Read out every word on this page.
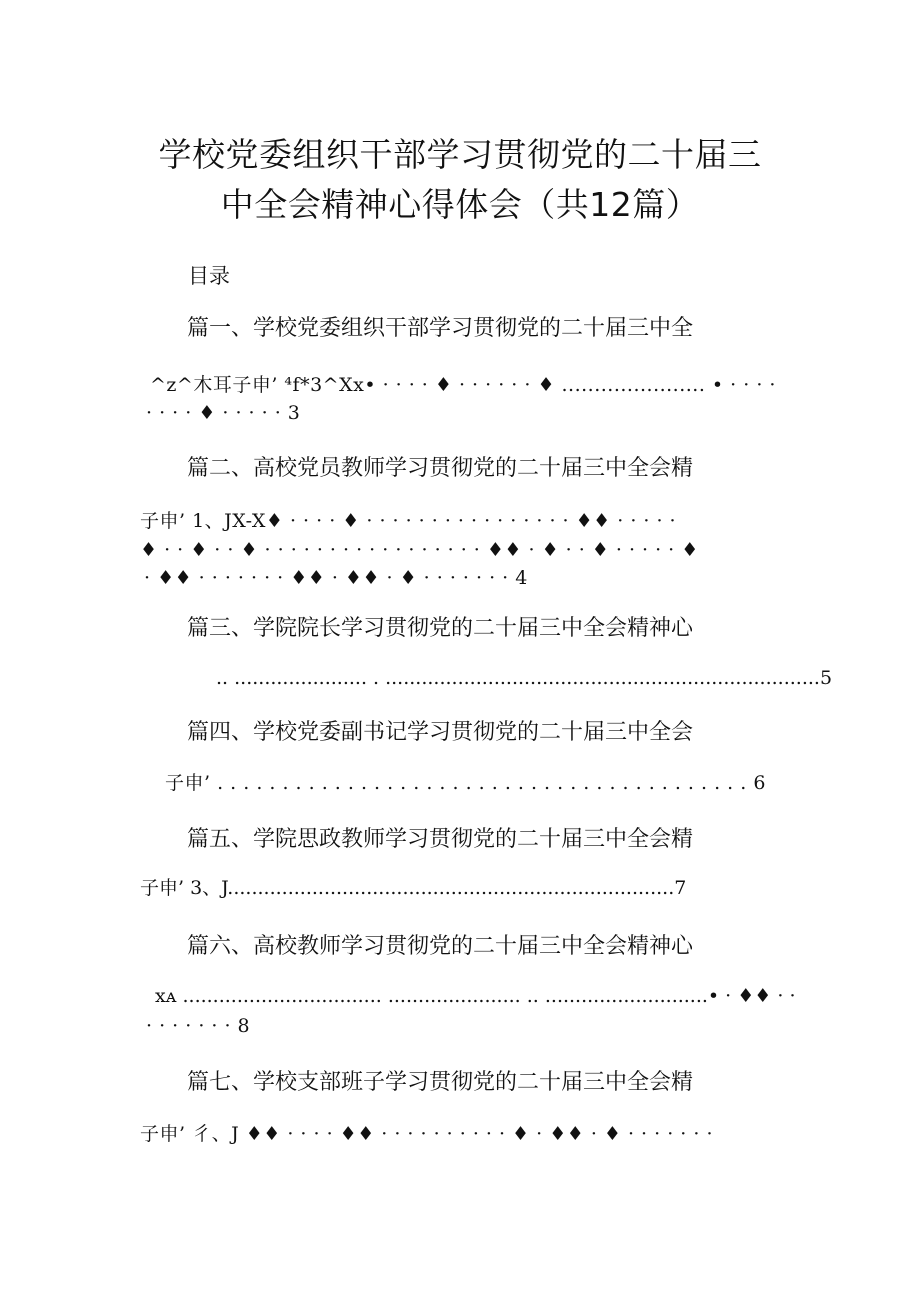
学校党委组织干部学习贯彻党的二十届三
中全会精神心得体会（共12篇）
目录
篇一、学校党委组织干部学习贯彻党的二十届三中全
^z^木耳子申’ ⁴f*3^Xx• · · · · ♦ · · · · · · ♦ ...................... • · · · ·
· · · · ♦ · · · · · 3
篇二、高校党员教师学习贯彻党的二十届三中全会精
子申’ 1、JX-X♦ · · · · ♦ · · · · · · · · · · · · · · · · ♦♦ · · · · ·
♦ · · ♦ · · ♦ · · · · · · · · · · · · · · · · · ♦♦ · ♦ · · ♦ · · · · · ♦
· ♦♦ · · · · · · · ♦♦ · ♦♦ · ♦ · · · · · · · 4
篇三、学院院长学习贯彻党的二十届三中全会精神心
.. ...................... . ........................................................................5
篇四、学校党委副书记学习贯彻党的二十届三中全会
子申’ . . . . . . . . . . . . . . . . . . . . . . . . . . . . . . . . . . . . . . . . . 6
篇五、学院思政教师学习贯彻党的二十届三中全会精
子申’ 3、J..........................................................................7
篇六、高校教师学习贯彻党的二十届三中全会精神心
xᴀ ................................. ...................... .. ...........................• · ♦♦ · ·
· · · · · · · 8
篇七、学校支部班子学习贯彻党的二十届三中全会精
子申’ 彳、J ♦♦ · · · · ♦♦ · · · · · · · · · · ♦ · ♦♦ · ♦ · · · · · · ·
